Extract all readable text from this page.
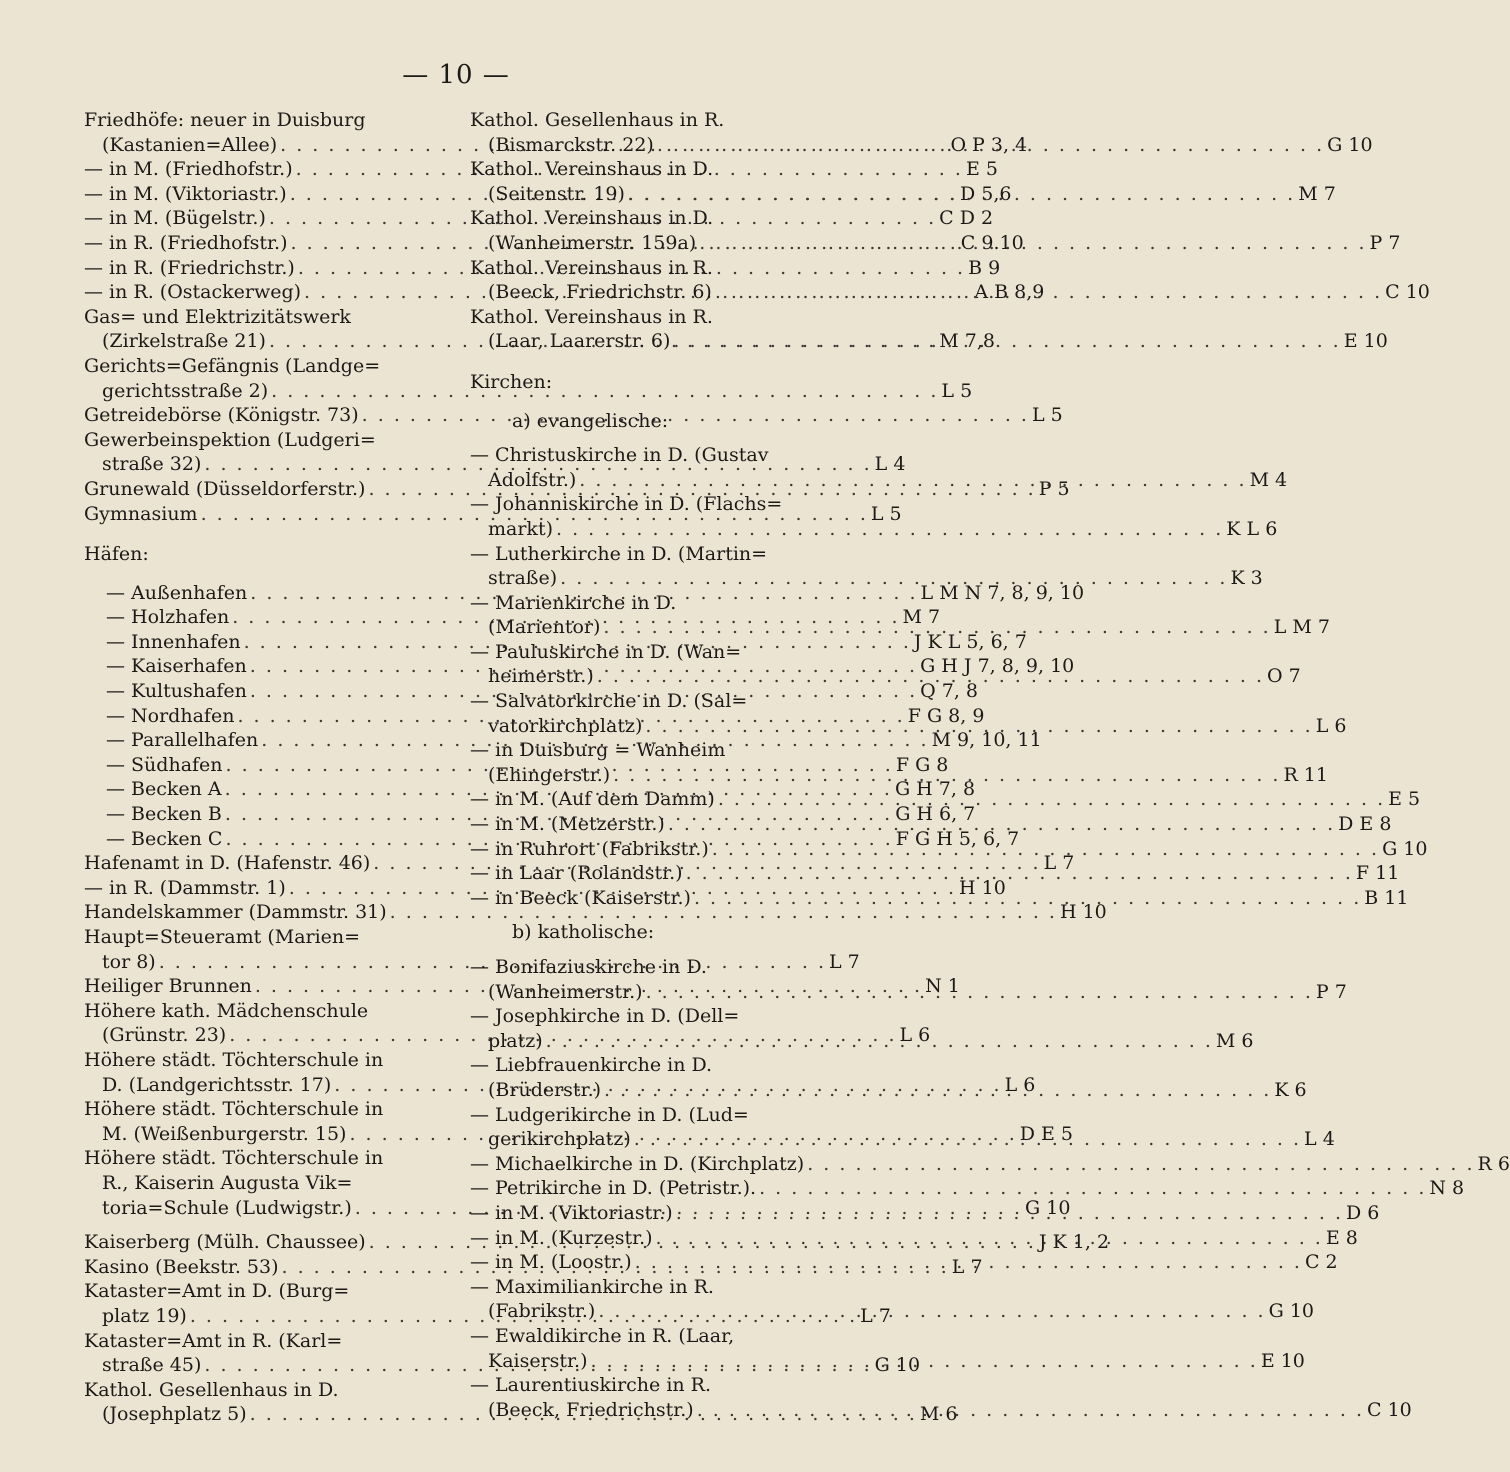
— 10 —
Friedhöfe: neuer in Duisburg
(Kastanien=Allee) . . .	O P 3, 4
— in M. (Friedhofstr.) . . .	E 5
— in M. (Viktoriastr.) . . .	D 5,6
— in M. (Bügelstr.) . . .	C D 2
— in R. (Friedhofstr.) . . .	C 9.10
— in R. (Friedrichstr.) . . .	B 9
— in R. (Ostackerweg) . . .	A B 8,9
Gas= und Elektrizitätswerk
(Zirkelstraße 21) . . .	M 7,8
Gerichts=Gefängnis (Landge=
gerichtsstraße 2) . . .	L 5
Getreidebörse (Königstr. 73) . . .	L 5
Gewerbeinspektion (Ludgeri=
straße 32) . . .	L 4
Grunewald (Düsseldorferstr.) . . .	P 5
Gymnasium . . .	L 5
Häfen:
— Außenhafen . . .	L M N 7, 8, 9, 10
— Holzhafen . . .	M 7
— Innenhafen . . .	J K L 5, 6, 7
— Kaiserhafen . . .	G H J 7, 8, 9, 10
— Kultushafen . . .	Q 7, 8
— Nordhafen . . .	F G 8, 9
— Parallelhafen . . .	M 9, 10, 11
— Südhafen . . .	F G 8
— Becken A . . .	G H 7, 8
— Becken B . . .	G H 6, 7
— Becken C . . .	F G H 5, 6, 7
Hafenamt in D. (Hafenstr. 46) . . .	L 7
— in R. (Dammstr. 1) . . .	H 10
Handelskammer (Dammstr. 31) . . .	H 10
Haupt=Steueramt (Marien=
tor 8) . . .	L 7
Heiliger Brunnen . . .	N 1
Höhere kath. Mädchenschule
(Grünstr. 23) . . .	L 6
Höhere städt. Töchterschule in
D. (Landgerichtsstr. 17) . . .	L 6
Höhere städt. Töchterschule in
M. (Weißenburgerstr. 15) . . .	D E 5
Höhere städt. Töchterschule in
R., Kaiserin Augusta Vik=
toria=Schule (Ludwigstr.) . . .	G 10
Kaiserberg (Mülh. Chaussee) . . .	J K 1, 2
Kasino (Beekstr. 53) . . .	L 7
Kataster=Amt in D. (Burg=
platz 19) . . .	L 7
Kataster=Amt in R. (Karl=
straße 45) . . .	G 10
Kathol. Gesellenhaus in D.
(Josephplatz 5) . . .	M 6
Kathol. Gesellenhaus in R.
(Bismarckstr. 22) . . .	G 10
Kathol. Vereinshaus in D.
(Seitenstr. 19) . . .	M 7
Kathol. Vereinshaus in D.
(Wanheimerstr. 159a) . . .	P 7
Kathol. Vereinshaus in R.
(Beeck, Friedrichstr. 6) . . .	C 10
Kathol. Vereinshaus in R.
(Laar, Laarerstr. 6) . . .	E 10
Kirchen:
a) evangelische:
— Christuskirche in D. (Gustav
Adolfstr.) . . .	M 4
— Johanniskirche in D. (Flachs=
markt) . . .	K L 6
— Lutherkirche in D. (Martin=
straße) . . .	K 3
— Marienkirche in D.
(Marientor) . . .	L M 7
— Pauluskirche in D. (Wan=
heimerstr.) . . .	O 7
— Salvatorkirche in D. (Sal=
vatorkirchplatz) . . .	L 6
— in Duisburg = Wanheim
(Ehingerstr.) . . .	R 11
— in M. (Auf dem Damm) . . .	E 5
— in M. (Metzerstr.) . . .	D E 8
— in Ruhrort (Fabrikstr.) . . .	G 10
— in Laar (Rolandstr.) . . .	F 11
— in Beeck (Kaiserstr.) . . .	B 11
b) katholische:
— Bonifaziuskirche in D.
(Wanheimerstr.) . . .	P 7
— Josephkirche in D. (Dell=
platz) . . .	M 6
— Liebfrauenkirche in D.
(Brüderstr.) . . .	K 6
— Ludgerikirche in D. (Lud=
gerikirchplatz) . . .	L 4
— Michaelkirche in D. (Kirchplatz) . . .	R 6
— Petrikirche in D. (Petristr.). . . .	N 8
— in M. (Viktoriastr.) . . .	D 6
— in M. (Kurzestr.) . . .	E 8
— in M. (Loostr.) . . .	C 2
— Maximiliankirche in R.
(Fabrikstr.) . . .	G 10
— Ewaldikirche in R. (Laar,
Kaiserstr.) . . .	E 10
— Laurentiuskirche in R.
(Beeck, Friedrichstr.) . . .	C 10
